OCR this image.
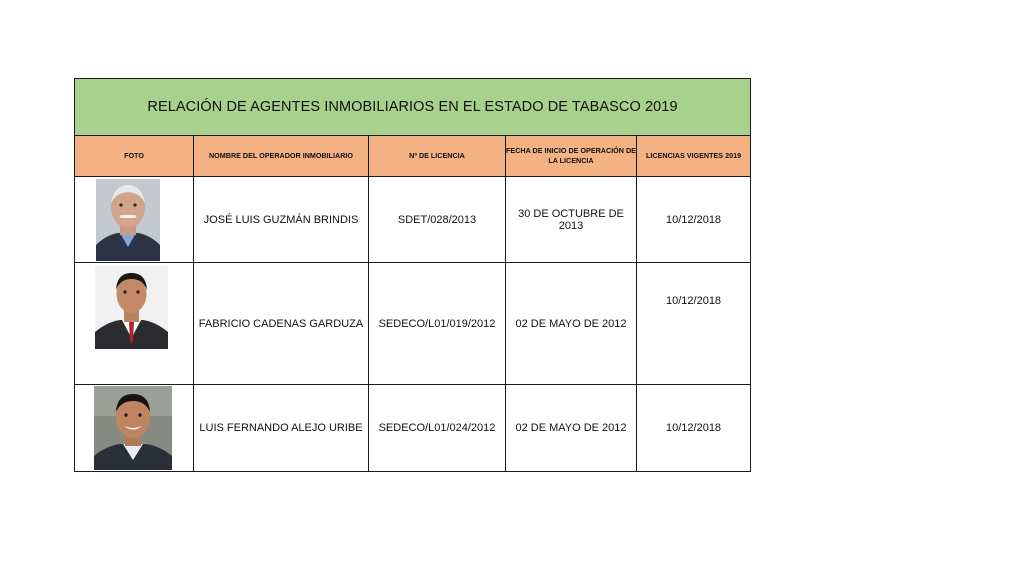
RELACIÓN DE AGENTES INMOBILIARIOS EN EL ESTADO DE TABASCO 2019				
FOTO	NOMBRE DEL OPERADOR INMOBILIARIO	Nº DE LICENCIA	FECHA DE INICIO DE OPERACIÓN DE LA LICENCIA	LICENCIAS VIGENTES 2019

	JOSÉ LUIS GUZMÁN BRINDIS	SDET/028/2013	30 DE OCTUBRE DE 2013	10/12/2018

	FABRICIO CADENAS GARDUZA	SEDECO/L01/019/2012	02 DE MAYO DE 2012	10/12/2018

	LUIS FERNANDO ALEJO URIBE	SEDECO/L01/024/2012	02 DE MAYO DE 2012	10/12/2018
